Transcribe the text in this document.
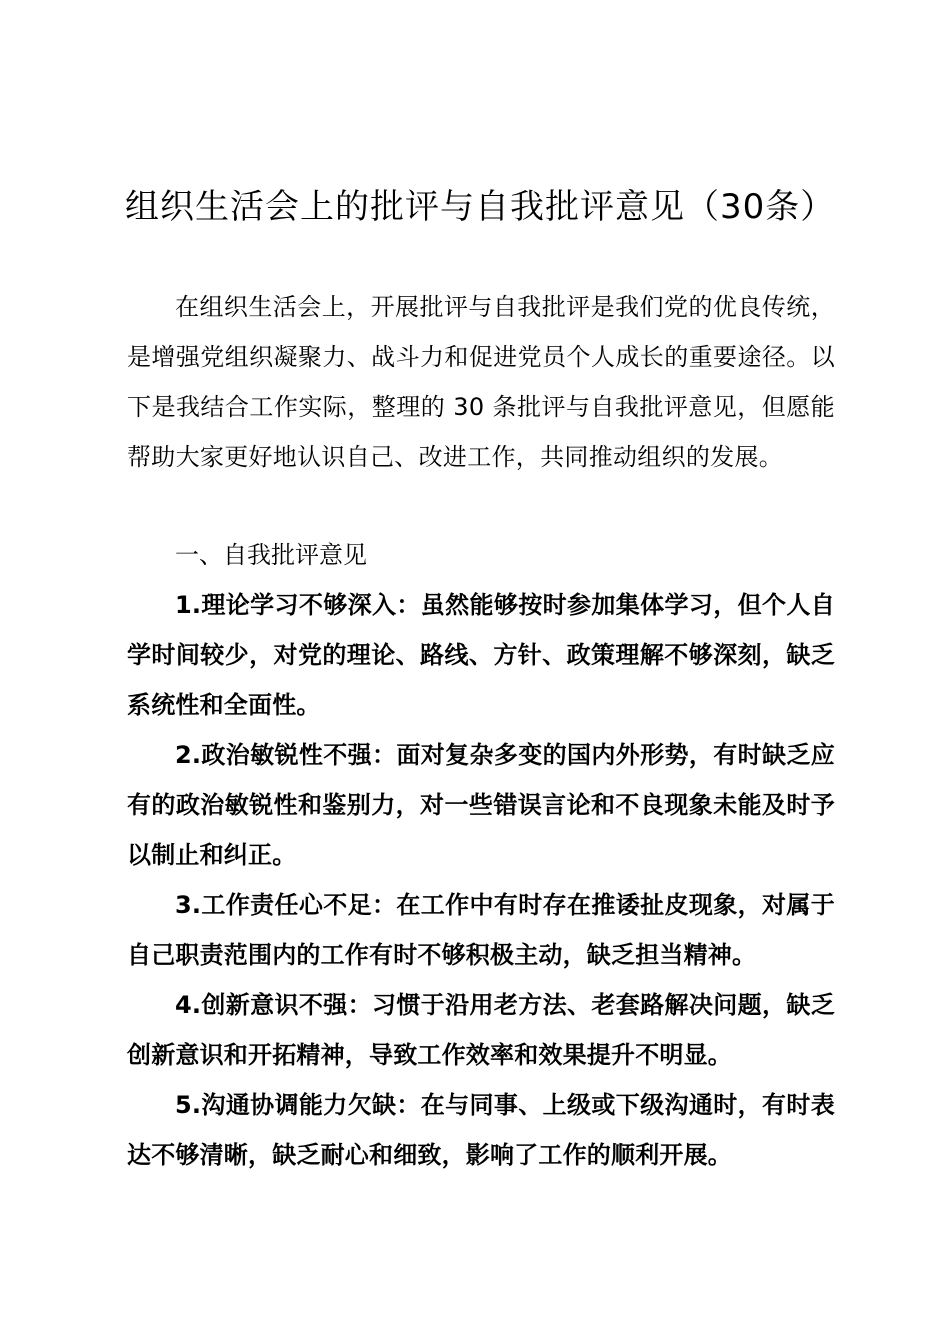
组织生活会上的批评与自我批评意见（30条）

在组织生活会上，开展批评与自我批评是我们党的优良传统，是增强党组织凝聚力、战斗力和促进党员个人成长的重要途径。以下是我结合工作实际，整理的 30 条批评与自我批评意见，但愿能帮助大家更好地认识自己、改进工作，共同推动组织的发展。

一、自我批评意见

1.理论学习不够深入：虽然能够按时参加集体学习，但个人自学时间较少，对党的理论、路线、方针、政策理解不够深刻，缺乏系统性和全面性。

2.政治敏锐性不强：面对复杂多变的国内外形势，有时缺乏应有的政治敏锐性和鉴别力，对一些错误言论和不良现象未能及时予以制止和纠正。

3.工作责任心不足：在工作中有时存在推诿扯皮现象，对属于自己职责范围内的工作有时不够积极主动，缺乏担当精神。

4.创新意识不强：习惯于沿用老方法、老套路解决问题，缺乏创新意识和开拓精神，导致工作效率和效果提升不明显。

5.沟通协调能力欠缺：在与同事、上级或下级沟通时，有时表达不够清晰，缺乏耐心和细致，影响了工作的顺利开展。
